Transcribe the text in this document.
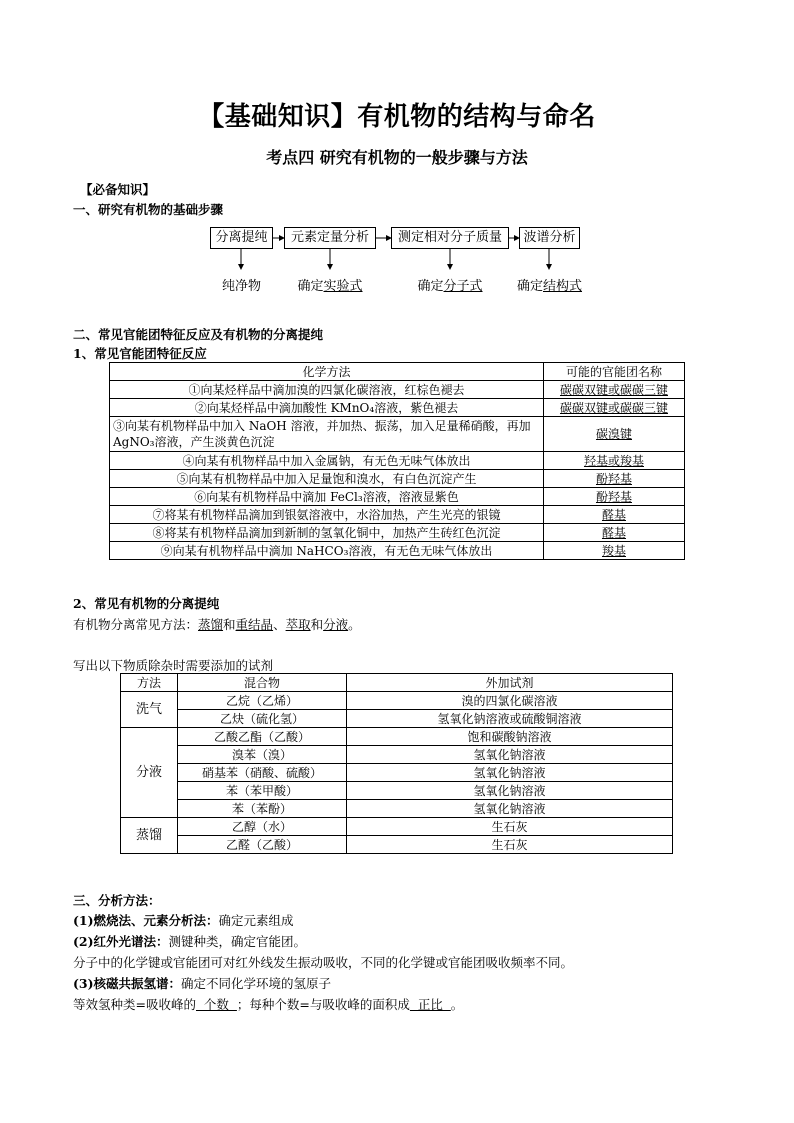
【基础知识】有机物的结构与命名
考点四 研究有机物的一般步骤与方法
【必备知识】
一、研究有机物的基础步骤
分离提纯	元素定量分析	测定相对分子质量	波谱分析
纯净物	确定实验式	确定分子式	确定结构式
二、常见官能团特征反应及有机物的分离提纯
1、常见官能团特征反应
化学方法	可能的官能团名称
①向某烃样品中滴加溴的四氯化碳溶液，红棕色褪去	碳碳双键或碳碳三键
②向某烃样品中滴加酸性 KMnO₄溶液，紫色褪去	碳碳双键或碳碳三键
③向某有机物样品中加入 NaOH 溶液，并加热、振荡，加入足量稀硝酸，再加 AgNO₃溶液，产生淡黄色沉淀	碳溴键
④向某有机物样品中加入金属钠，有无色无味气体放出	羟基或羧基
⑤向某有机物样品中加入足量饱和溴水，有白色沉淀产生	酚羟基
⑥向某有机物样品中滴加 FeCl₃溶液，溶液显紫色	酚羟基
⑦将某有机物样品滴加到银氨溶液中，水浴加热，产生光亮的银镜	醛基
⑧将某有机物样品滴加到新制的氢氧化铜中，加热产生砖红色沉淀	醛基
⑨向某有机物样品中滴加 NaHCO₃溶液，有无色无味气体放出	羧基
2、常见有机物的分离提纯
有机物分离常见方法：蒸馏和重结晶、萃取和分液。
写出以下物质除杂时需要添加的试剂
方法	混合物	外加试剂
洗气	乙烷（乙烯）	溴的四氯化碳溶液
	乙炔（硫化氢）	氢氧化钠溶液或硫酸铜溶液
分液	乙酸乙酯（乙酸）	饱和碳酸钠溶液
	溴苯（溴）	氢氧化钠溶液
	硝基苯（硝酸、硫酸）	氢氧化钠溶液
	苯（苯甲酸）	氢氧化钠溶液
	苯（苯酚）	氢氧化钠溶液
蒸馏	乙醇（水）	生石灰
	乙醛（乙酸）	生石灰
三、分析方法：
(1)燃烧法、元素分析法：确定元素组成
(2)红外光谱法：测键种类，确定官能团。
分子中的化学键或官能团可对红外线发生振动吸收，不同的化学键或官能团吸收频率不同。
(3)核磁共振氢谱：确定不同化学环境的氢原子
等效氢种类=吸收峰的  个数  ；每种个数=与吸收峰的面积成  正比  。
